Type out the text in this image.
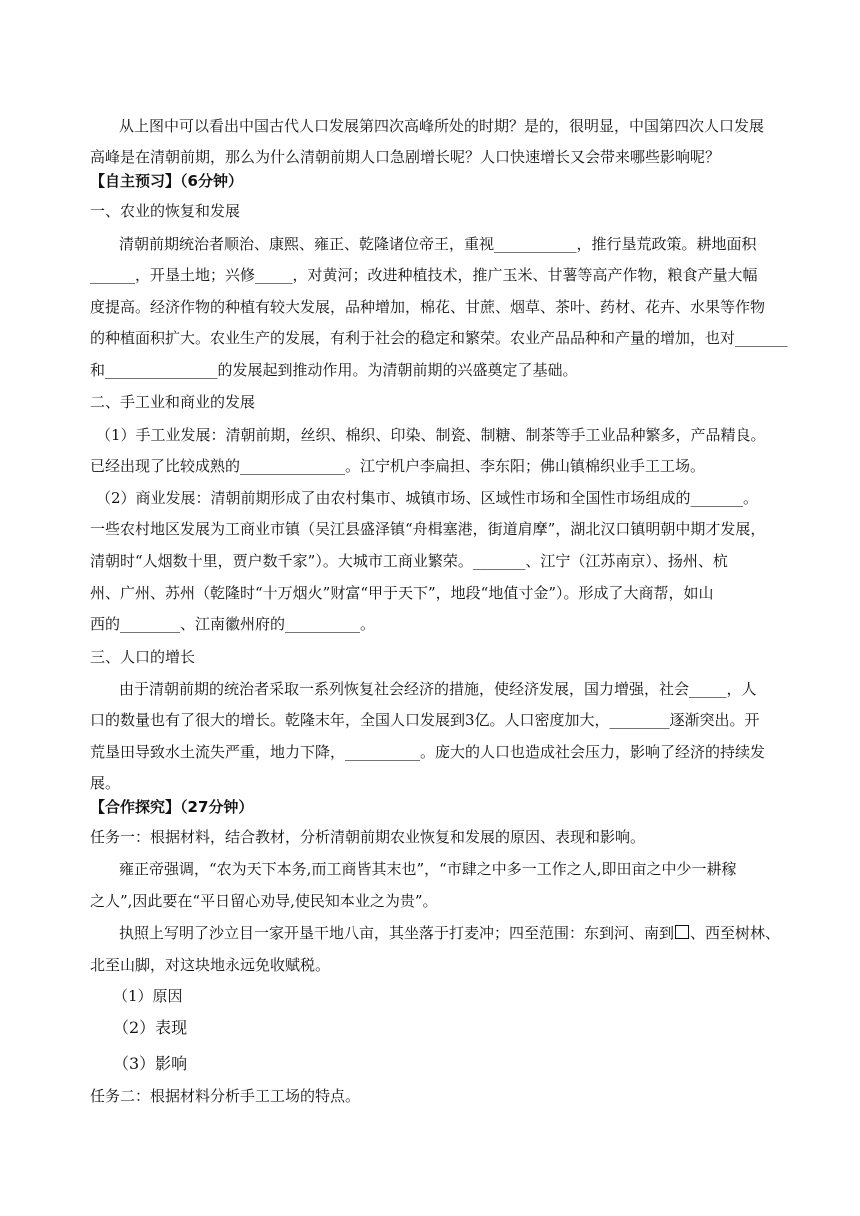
从上图中可以看出中国古代人口发展第四次高峰所处的时期？是的，很明显，中国第四次人口发展
高峰是在清朝前期，那么为什么清朝前期人口急剧增长呢？人口快速增长又会带来哪些影响呢？
【自主预习】（6分钟）
一、农业的恢复和发展
清朝前期统治者顺治、康熙、雍正、乾隆诸位帝王，重视___________，推行垦荒政策。耕地面积
______，开垦土地；兴修_____，对黄河；改进种植技术，推广玉米、甘薯等高产作物，粮食产量大幅
度提高。经济作物的种植有较大发展，品种增加，棉花、甘蔗、烟草、茶叶、药材、花卉、水果等作物
的种植面积扩大。农业生产的发展，有利于社会的稳定和繁荣。农业产品品种和产量的增加，也对_______
和_______________的发展起到推动作用。为清朝前期的兴盛奠定了基础。
二、手工业和商业的发展
（1）手工业发展：清朝前期，丝织、棉织、印染、制瓷、制糖、制茶等手工业品种繁多，产品精良。
已经出现了比较成熟的______________。江宁机户李扁担、李东阳；佛山镇棉织业手工工场。
（2）商业发展：清朝前期形成了由农村集市、城镇市场、区域性市场和全国性市场组成的_______。
一些农村地区发展为工商业市镇（吴江县盛泽镇“舟楫塞港，街道肩摩”，湖北汉口镇明朝中期才发展，
清朝时“人烟数十里，贾户数千家”）。大城市工商业繁荣。_______、江宁（江苏南京）、扬州、杭
州、广州、苏州（乾隆时“十万烟火”财富“甲于天下”，地段“地值寸金”）。形成了大商帮，如山
西的________、江南徽州府的__________。
三、人口的增长
由于清朝前期的统治者采取一系列恢复社会经济的措施，使经济发展，国力增强，社会_____，人
口的数量也有了很大的增长。乾隆末年，全国人口发展到3亿。人口密度加大，________逐渐突出。开
荒垦田导致水土流失严重，地力下降，__________。庞大的人口也造成社会压力，影响了经济的持续发
展。
【合作探究】（27分钟）
任务一：根据材料，结合教材，分析清朝前期农业恢复和发展的原因、表现和影响。
雍正帝强调，“农为天下本务,而工商皆其末也”，“市肆之中多一工作之人,即田亩之中少一耕稼
之人”,因此要在“平日留心劝导,使民知本业之为贵”。
执照上写明了沙立目一家开垦干地八亩，其坐落于打麦冲；四至范围：东到河、南到 、西至树林、
北至山脚，对这块地永远免收赋税。
（1）原因
（2）表现
（3）影响
任务二：根据材料分析手工工场的特点。
